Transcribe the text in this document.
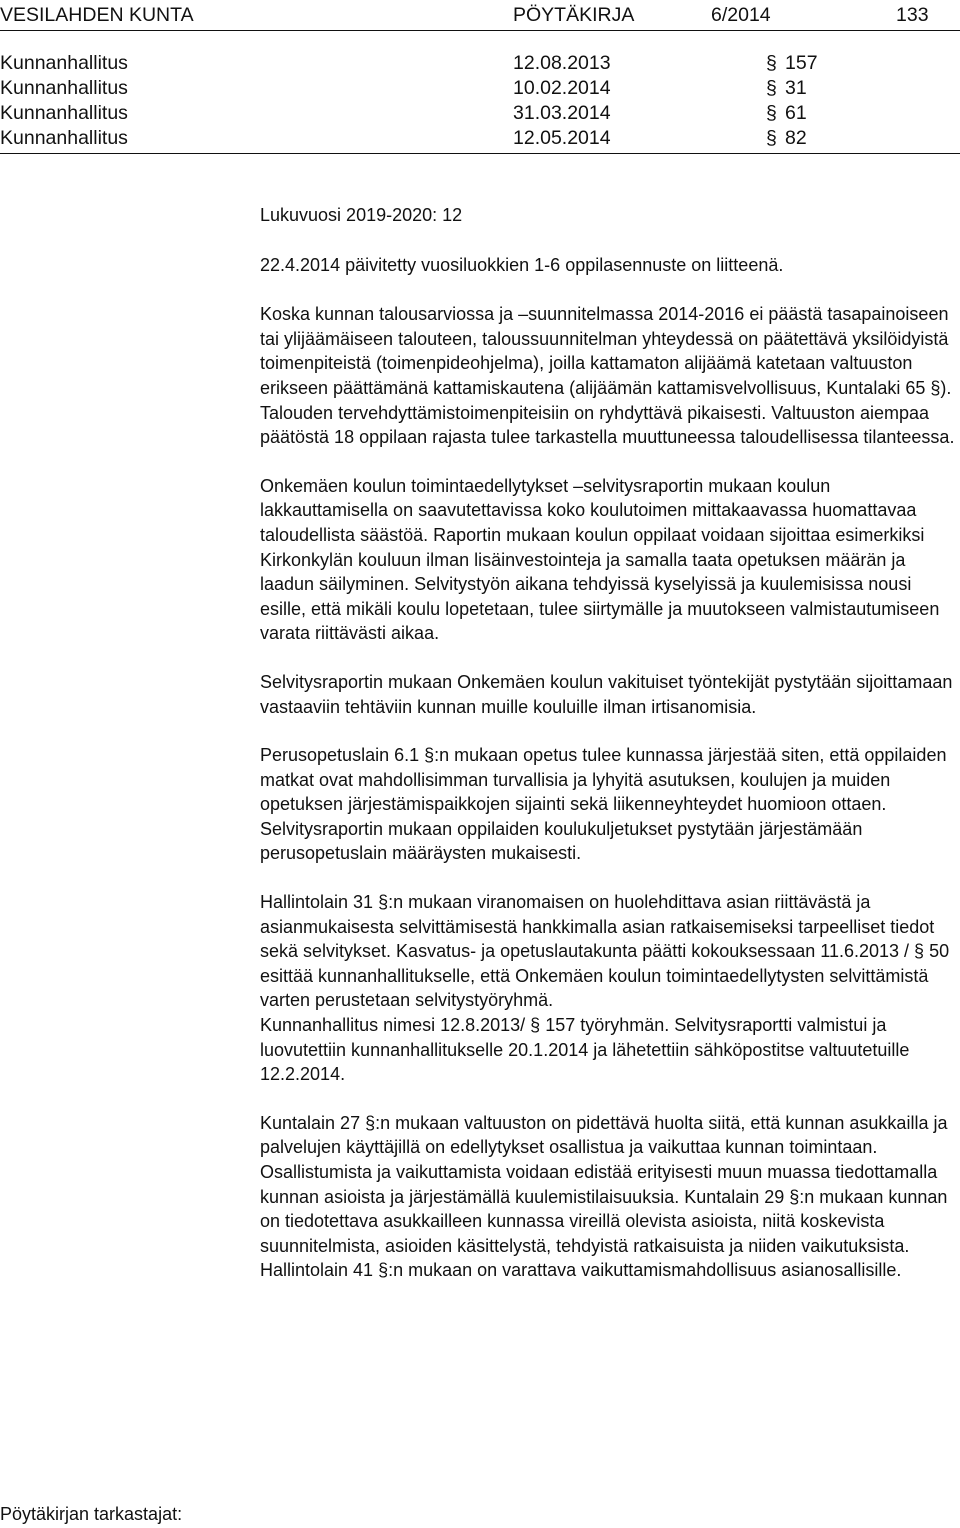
VESILAHDEN KUNTA	PÖYTÄKIRJA	6/2014	133
Kunnanhallitus	12.08.2013	§ 157
Kunnanhallitus	10.02.2014	§ 31
Kunnanhallitus	31.03.2014	§ 61
Kunnanhallitus	12.05.2014	§ 82

Lukuvuosi 2019-2020: 12

22.4.2014 päivitetty vuosiluokkien 1-6 oppilasennuste on liitteenä.

Koska kunnan talousarviossa ja –suunnitelmassa 2014-2016 ei päästä tasapainoiseen tai ylijäämäiseen talouteen, taloussuunnitelman yhteydessä on päätettävä yksilöidyistä toimenpiteistä (toimenpideohjelma), joilla kattamaton alijäämä katetaan valtuuston erikseen päättämänä kattamiskautena (alijäämän kattamisvelvollisuus, Kuntalaki 65 §). Talouden tervehdyttämistoimenpiteisiin on ryhdyttävä pikaisesti. Valtuuston aiempaa päätöstä 18 oppilaan rajasta tulee tarkastella muuttuneessa taloudellisessa tilanteessa.

Onkemäen koulun toimintaedellytykset –selvitysraportin mukaan koulun lakkauttamisella on saavutettavissa koko koulutoimen mittakaavassa huomattavaa taloudellista säästöä. Raportin mukaan koulun oppilaat voidaan sijoittaa esimerkiksi Kirkonkylän kouluun ilman lisäinvestointeja ja samalla taata opetuksen määrän ja laadun säilyminen. Selvitystyön aikana tehdyissä kyselyissä ja kuulemisissa nousi esille, että mikäli koulu lopetetaan, tulee siirtymälle ja muutokseen valmistautumiseen varata riittävästi aikaa.

Selvitysraportin mukaan Onkemäen koulun vakituiset työntekijät pystytään sijoittamaan vastaaviin tehtäviin kunnan muille kouluille ilman irtisanomisia.

Perusopetuslain 6.1 §:n mukaan opetus tulee kunnassa järjestää siten, että oppilaiden matkat ovat mahdollisimman turvallisia ja lyhyitä asutuksen, koulujen ja muiden opetuksen järjestämispaikkojen sijainti sekä liikenneyhteydet huomioon ottaen. Selvitysraportin mukaan oppilaiden koulukuljetukset pystytään järjestämään perusopetuslain määräysten mukaisesti.

Hallintolain 31 §:n mukaan viranomaisen on huolehdittava asian riittävästä ja asianmukaisesta selvittämisestä hankkimalla asian ratkaisemiseksi tarpeelliset tiedot sekä selvitykset. Kasvatus- ja opetuslautakunta päätti kokouksessaan 11.6.2013 / § 50 esittää kunnanhallitukselle, että Onkemäen koulun toimintaedellytysten selvittämistä varten perustetaan selvitystyöryhmä.

Kunnanhallitus nimesi 12.8.2013/ § 157 työryhmän. Selvitysraportti valmistui ja luovutettiin kunnanhallitukselle 20.1.2014 ja lähetettiin sähköpostitse valtuutetuille 12.2.2014.

Kuntalain 27 §:n mukaan valtuuston on pidettävä huolta siitä, että kunnan asukkailla ja palvelujen käyttäjillä on edellytykset osallistua ja vaikuttaa kunnan toimintaan. Osallistumista ja vaikuttamista voidaan edistää erityisesti muun muassa tiedottamalla kunnan asioista ja järjestämällä kuulemistilaisuuksia. Kuntalain 29 §:n mukaan kunnan on tiedotettava asukkailleen kunnassa vireillä olevista asioista, niitä koskevista suunnitelmista, asioiden käsittelystä, tehdyistä ratkaisuista ja niiden vaikutuksista.

Hallintolain 41 §:n mukaan on varattava vaikuttamismahdollisuus asianosallisille.

Pöytäkirjan tarkastajat:
